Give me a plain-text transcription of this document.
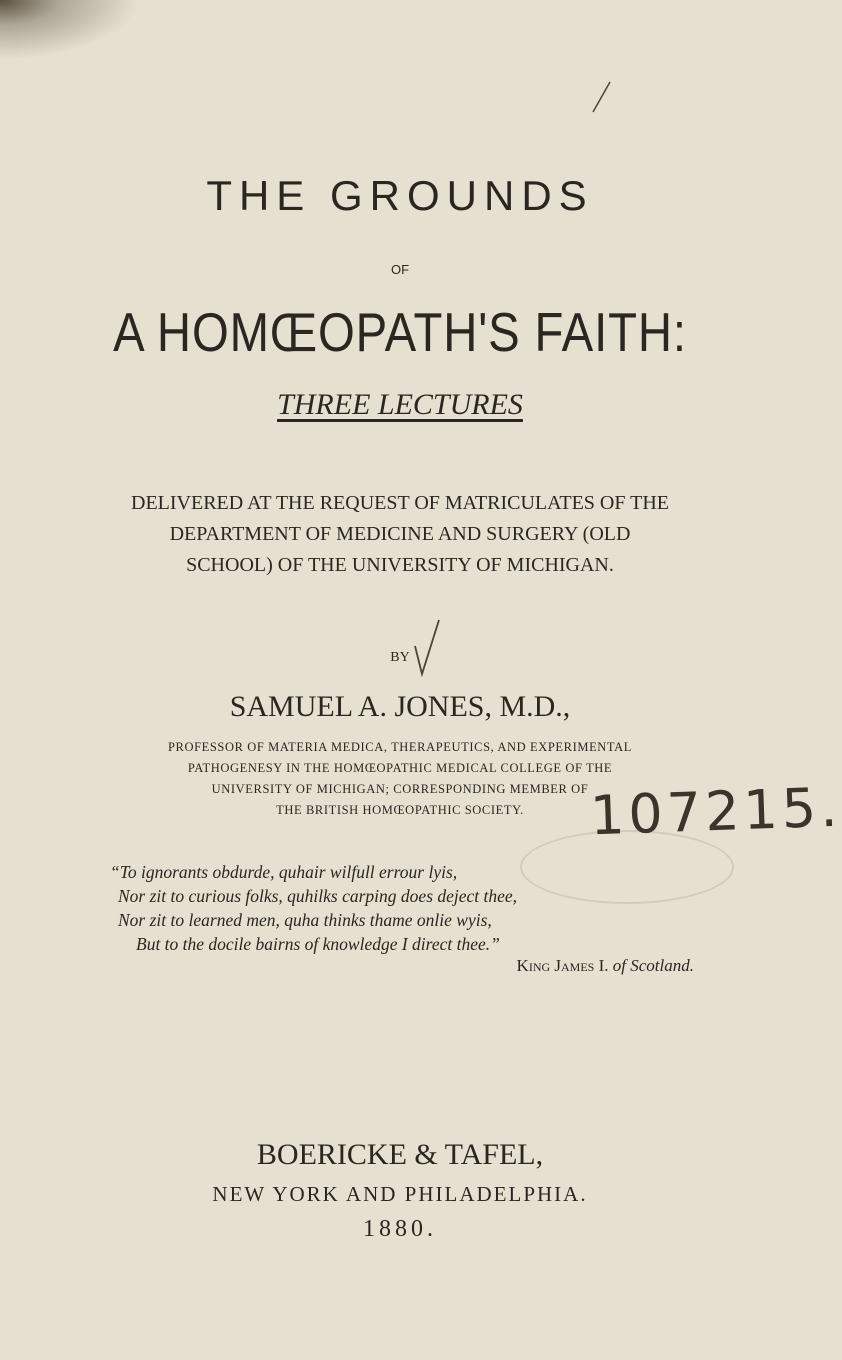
THE GROUNDS
OF
A HOMŒOPATH'S FAITH:
THREE LECTURES
DELIVERED AT THE REQUEST OF MATRICULATES OF THE
DEPARTMENT OF MEDICINE AND SURGERY (OLD
SCHOOL) OF THE UNIVERSITY OF MICHIGAN.
BY
SAMUEL A. JONES, M.D.,
PROFESSOR OF MATERIA MEDICA, THERAPEUTICS, AND EXPERIMENTAL
PATHOGENESY IN THE HOMŒOPATHIC MEDICAL COLLEGE OF THE
UNIVERSITY OF MICHIGAN; CORRESPONDING MEMBER OF
THE BRITISH HOMŒOPATHIC SOCIETY.	107215.
“To ignorants obdurde, quhair wilfull errour lyis,
Nor zit to curious folks, quhilks carping does deject thee,
Nor zit to learned men, quha thinks thame onlie wyis,
But to the docile bairns of knowledge I direct thee.”
King James I. of Scotland.
BOERICKE & TAFEL,
NEW YORK AND PHILADELPHIA.
1880.
